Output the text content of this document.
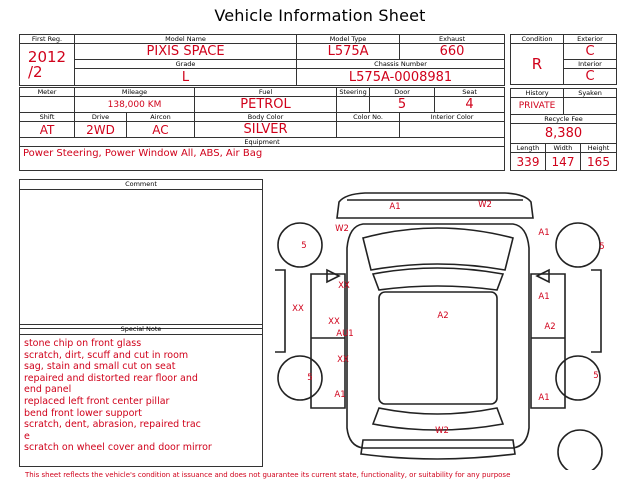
Vehicle Information Sheet
First Reg.	Model Name			Model Type			Exhaust	

2012
/2	PIXIS SPACE			L575A			660	
	Grade			Chassis Number				
	L			L575A-0008981				

Meter	Mileage		Fuel		Steering	Door		Seat
	138,000 KM		PETROL			5		4
Shift	Drive	Aircon	Body Color		Color No.		Interior Color	
AT	2WD	AC	SILVER					
Equipment								
Power Steering, Power Window All, ABS, Air Bag								
Condition	Exterior
R	C
	Interior
	C
History		Syaken	
PRIVATE			
Recycle Fee			
8,380			
Length	Width		Height
339	147		165
Comment
Special Note
stone chip on front glass
scratch, dirt, scuff and cut in room
sag, stain and small cut on seat
repaired and distorted rear floor and
end panel
replaced left front center pillar
bend front lower support
scratch, dent, abrasion, repaired trac
e
scratch on wheel cover and door mirror
A1	W2
W2	A1
5	5
XX
XX
XX
AU1
XX
A2
A1
A2
5	5
A1	A1
W2
This sheet reflects the vehicle's condition at issuance and does not guarantee its current state, functionality, or suitability for any purpose
